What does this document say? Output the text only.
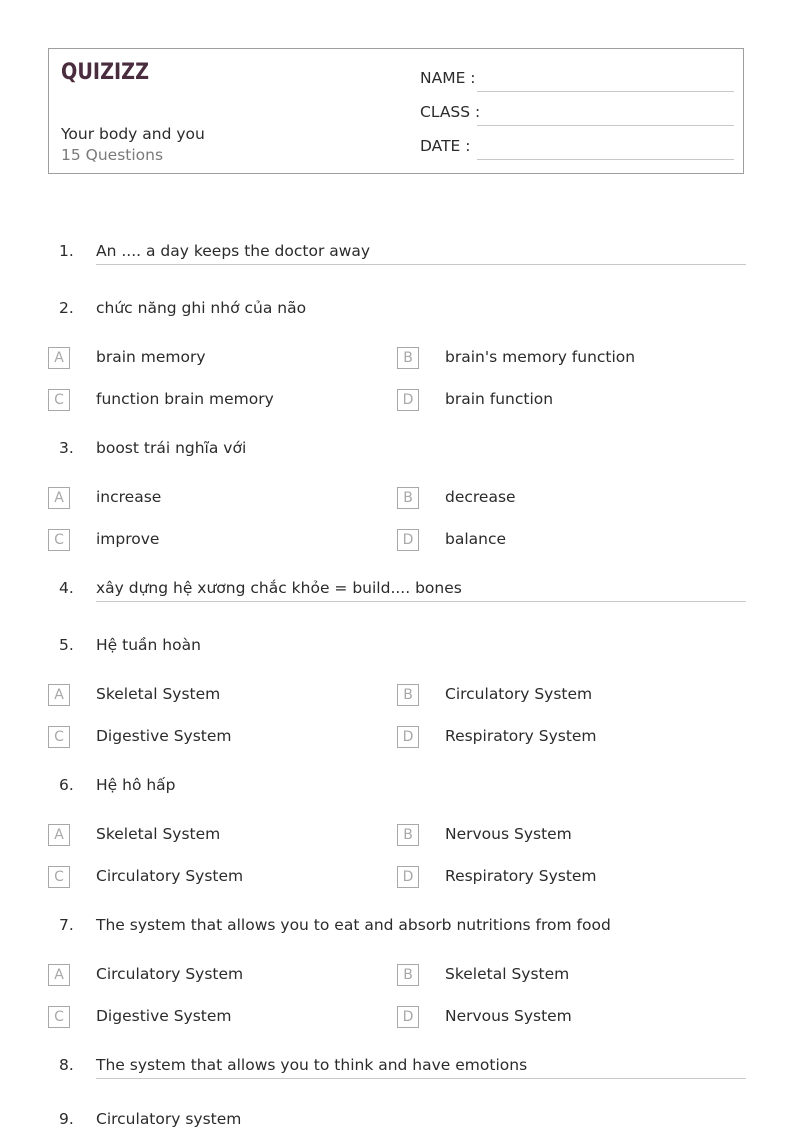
QUIZIZZ
Your body and you
15 Questions
NAME :
CLASS :
DATE :
1. An .... a day keeps the doctor away
2. chức năng ghi nhớ của não
A	brain memory	B	brain's memory function
C	function brain memory	D	brain function
3. boost trái nghĩa với
A	increase	B	decrease
C	improve	D	balance
4. xây dựng hệ xương chắc khỏe = build.... bones
5. Hệ tuần hoàn
A	Skeletal System	B	Circulatory System
C	Digestive System	D	Respiratory System
6. Hệ hô hấp
A	Skeletal System	B	Nervous System
C	Circulatory System	D	Respiratory System
7. The system that allows you to eat and absorb nutritions from food
A	Circulatory System	B	Skeletal System
C	Digestive System	D	Nervous System
8. The system that allows you to think and have emotions
9. Circulatory system
